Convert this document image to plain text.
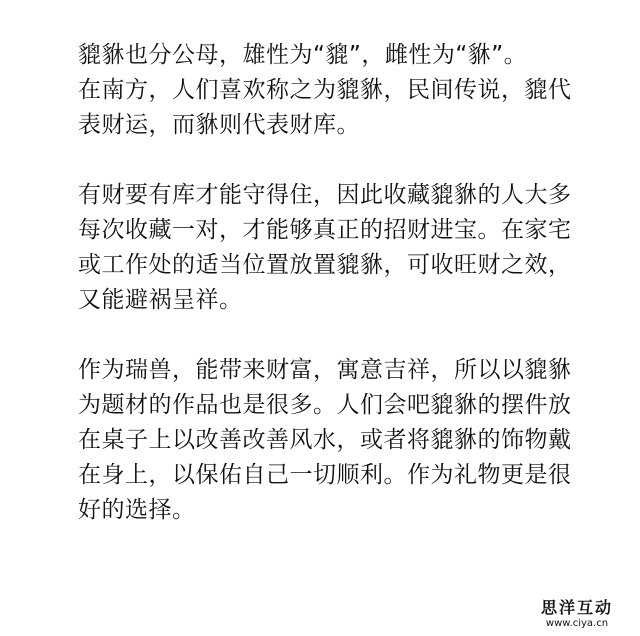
貔貅也分公母，雄性为“貔”，雌性为“貅”。
在南方，人们喜欢称之为貔貅，民间传说，貔代
表财运，而貅则代表财库。

有财要有库才能守得住，因此收藏貔貅的人大多
每次收藏一对，才能够真正的招财进宝。在家宅
或工作处的适当位置放置貔貅，可收旺财之效，
又能避祸呈祥。

作为瑞兽，能带来财富，寓意吉祥，所以以貔貅
为题材的作品也是很多。人们会吧貔貅的摆件放
在桌子上以改善改善风水，或者将貔貅的饰物戴
在身上，以保佑自己一切顺利。作为礼物更是很
好的选择。

思洋互动
www.ciya.cn
